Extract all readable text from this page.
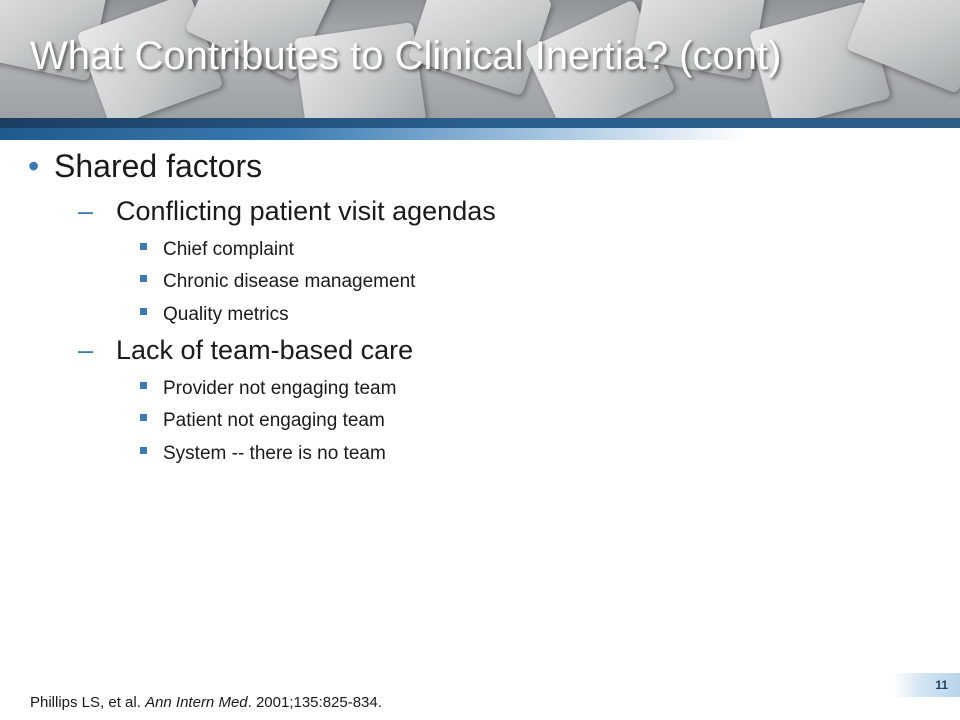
What Contributes to Clinical Inertia? (cont)
• Shared factors
– Conflicting patient visit agendas
Chief complaint
Chronic disease management
Quality metrics
– Lack of team-based care
Provider not engaging team
Patient not engaging team
System -- there is no team
11
Phillips LS, et al. Ann Intern Med. 2001;135:825-834.
